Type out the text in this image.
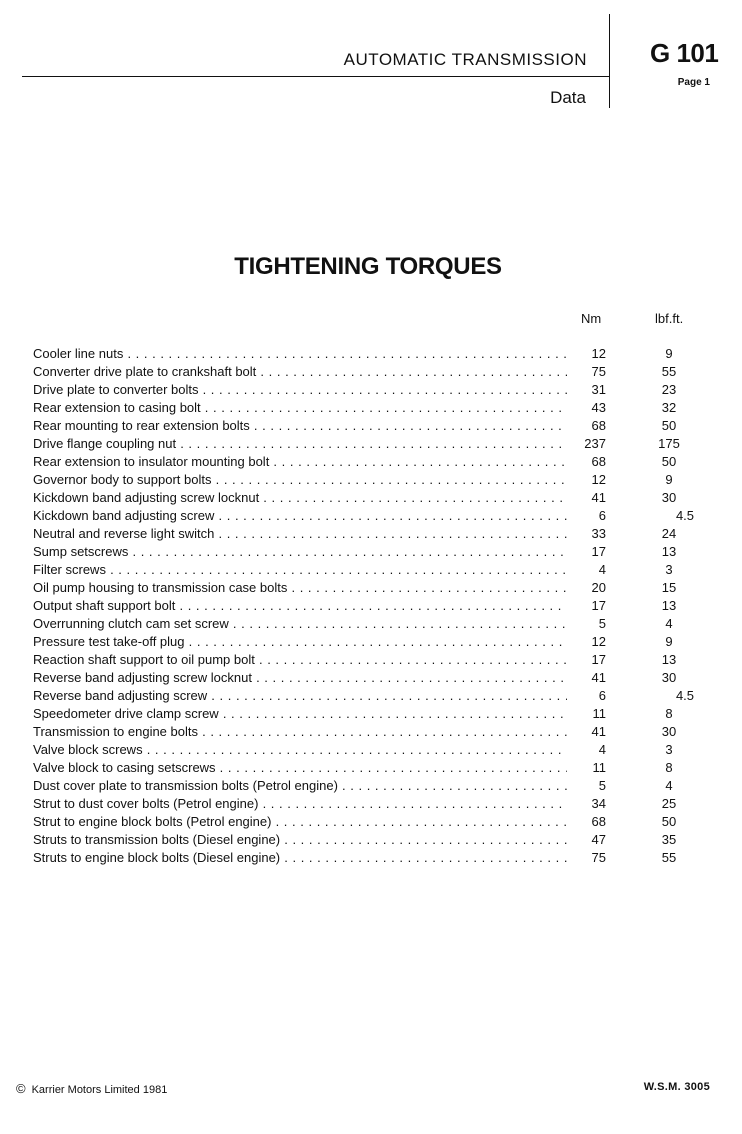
AUTOMATIC TRANSMISSION
Data
G 101
Page 1
TIGHTENING TORQUES
Nm	lbf.ft.
Cooler line nuts . . .	12	9
Converter drive plate to crankshaft bolt . . .	75	55
Drive plate to converter bolts . . .	31	23
Rear extension to casing bolt . . .	43	32
Rear mounting to rear extension bolts . . .	68	50
Drive flange coupling nut . . .	237	175
Rear extension to insulator mounting bolt . . .	68	50
Governor body to support bolts . . .	12	9
Kickdown band adjusting screw locknut . . .	41	30
Kickdown band adjusting screw . . .	6	4.5
Neutral and reverse light switch . . .	33	24
Sump setscrews . . .	17	13
Filter screws . . .	4	3
Oil pump housing to transmission case bolts . . .	20	15
Output shaft support bolt . . .	17	13
Overrunning clutch cam set screw . . .	5	4
Pressure test take-off plug . . .	12	9
Reaction shaft support to oil pump bolt . . .	17	13
Reverse band adjusting screw locknut . . .	41	30
Reverse band adjusting screw . . .	6	4.5
Speedometer drive clamp screw . . .	11	8
Transmission to engine bolts . . .	41	30
Valve block screws . . .	4	3
Valve block to casing setscrews . . .	11	8
Dust cover plate to transmission bolts (Petrol engine) . . .	5	4
Strut to dust cover bolts (Petrol engine) . . .	34	25
Strut to engine block bolts (Petrol engine) . . .	68	50
Struts to transmission bolts (Diesel engine) . . .	47	35
Struts to engine block bolts (Diesel engine) . . .	75	55
© Karrier Motors Limited 1981	W.S.M. 3005
